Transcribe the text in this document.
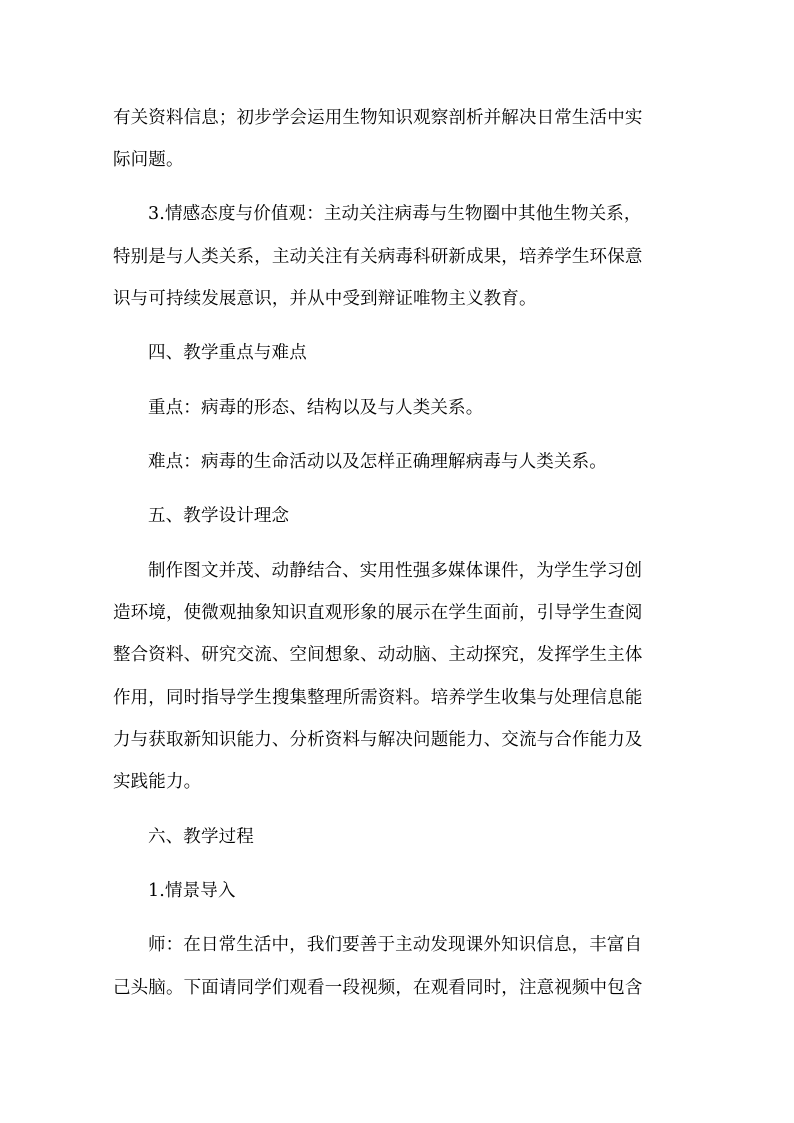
有关资料信息；初步学会运用生物知识观察剖析并解决日常生活中实
际问题。
3.情感态度与价值观：主动关注病毒与生物圈中其他生物关系，
特别是与人类关系，主动关注有关病毒科研新成果，培养学生环保意
识与可持续发展意识，并从中受到辩证唯物主义教育。
四、教学重点与难点
重点：病毒的形态、结构以及与人类关系。
难点：病毒的生命活动以及怎样正确理解病毒与人类关系。
五、教学设计理念
制作图文并茂、动静结合、实用性强多媒体课件，为学生学习创
造环境，使微观抽象知识直观形象的展示在学生面前，引导学生查阅
整合资料、研究交流、空间想象、动动脑、主动探究，发挥学生主体
作用，同时指导学生搜集整理所需资料。培养学生收集与处理信息能
力与获取新知识能力、分析资料与解决问题能力、交流与合作能力及
实践能力。
六、教学过程
1.情景导入
师：在日常生活中，我们要善于主动发现课外知识信息，丰富自
己头脑。下面请同学们观看一段视频，在观看同时，注意视频中包含
